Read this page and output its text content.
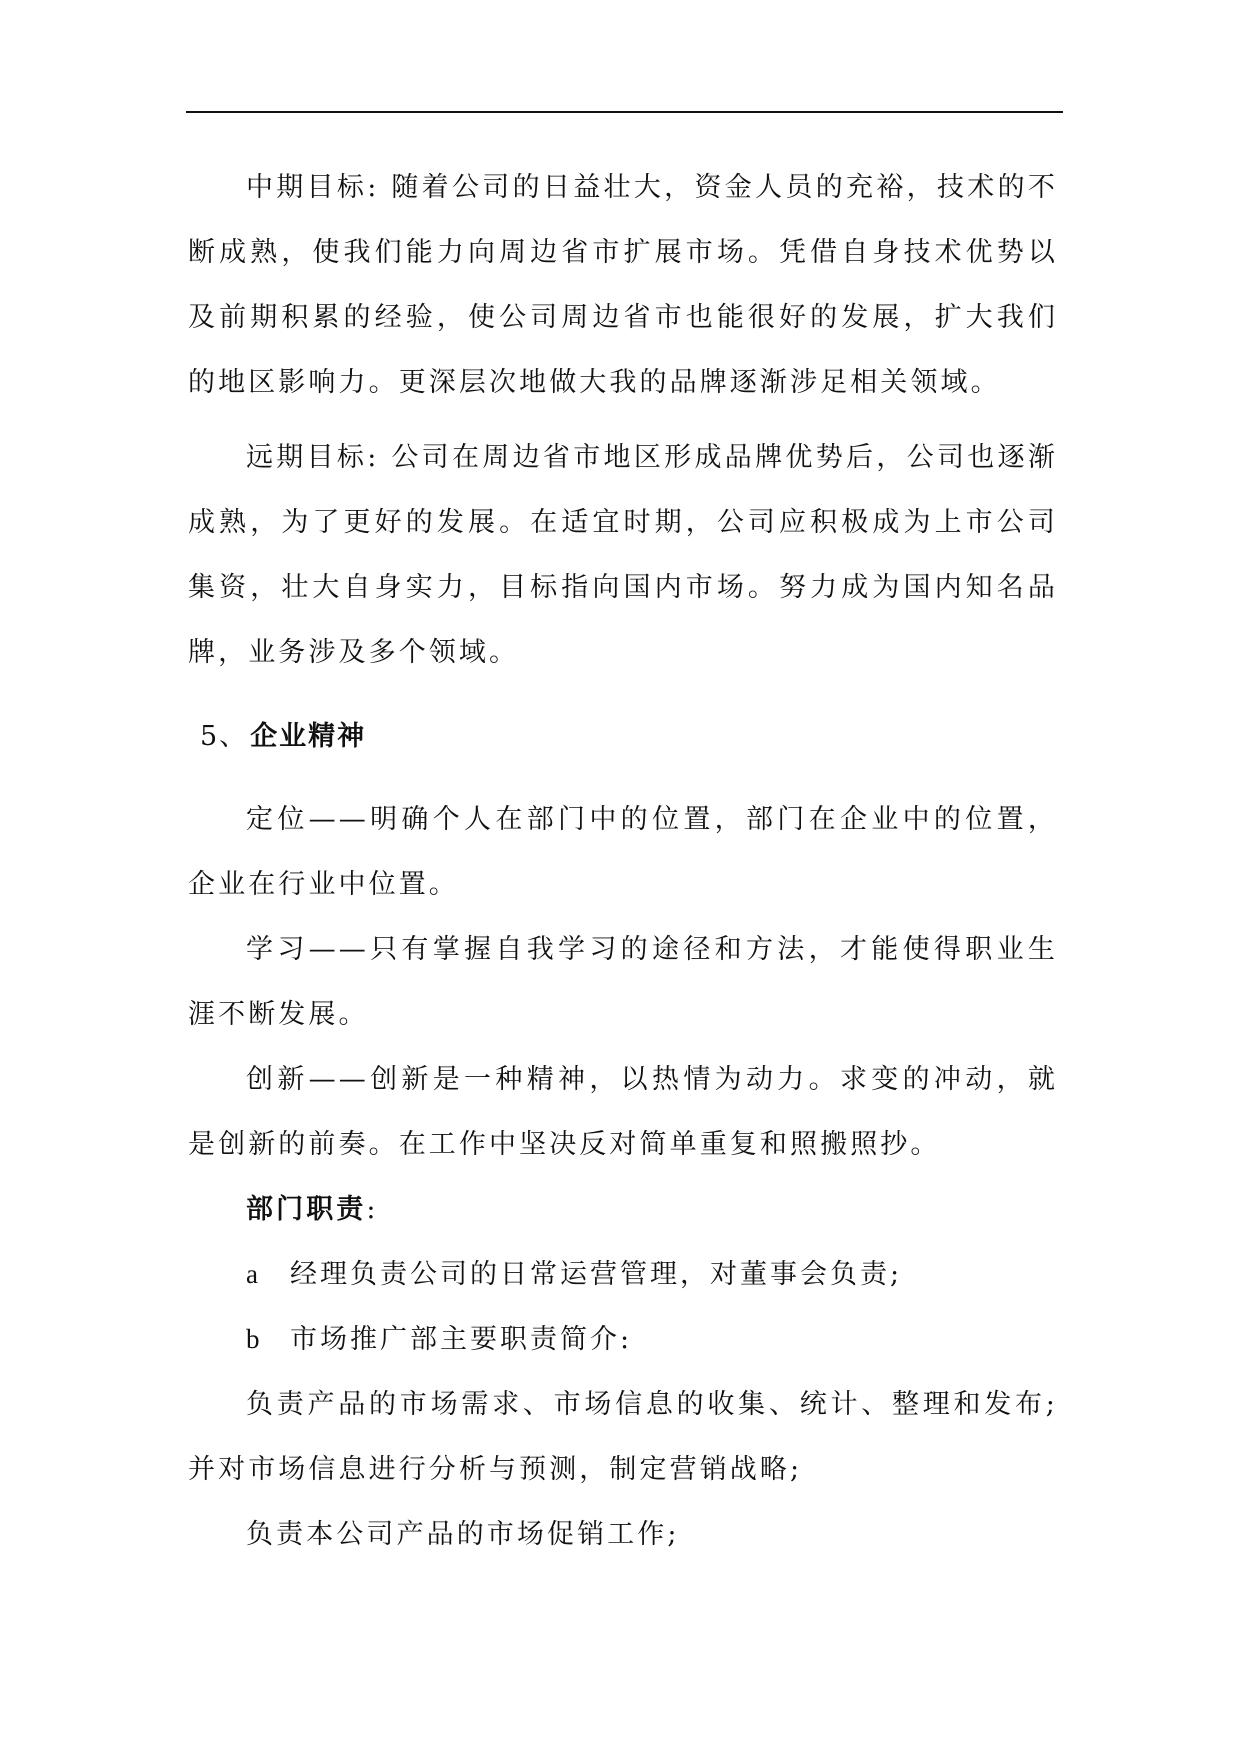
中期目标: 随着公司的日益壮大，资金人员的充裕，技术的不断成熟，使我们能力向周边省市扩展市场。凭借自身技术优势以及前期积累的经验，使公司周边省市也能很好的发展，扩大我们的地区影响力。更深层次地做大我的品牌逐渐涉足相关领域。

远期目标: 公司在周边省市地区形成品牌优势后，公司也逐渐成熟，为了更好的发展。在适宜时期，公司应积极成为上市公司集资，壮大自身实力，目标指向国内市场。努力成为国内知名品牌，业务涉及多个领域。

5、企业精神

定位——明确个人在部门中的位置，部门在企业中的位置，企业在行业中位置。

学习——只有掌握自我学习的途径和方法，才能使得职业生涯不断发展。

创新——创新是一种精神，以热情为动力。求变的冲动，就是创新的前奏。在工作中坚决反对简单重复和照搬照抄。

部门职责:

a 经理负责公司的日常运营管理，对董事会负责;

b 市场推广部主要职责简介:

负责产品的市场需求、市场信息的收集、统计、整理和发布; 并对市场信息进行分析与预测，制定营销战略;

负责本公司产品的市场促销工作;
